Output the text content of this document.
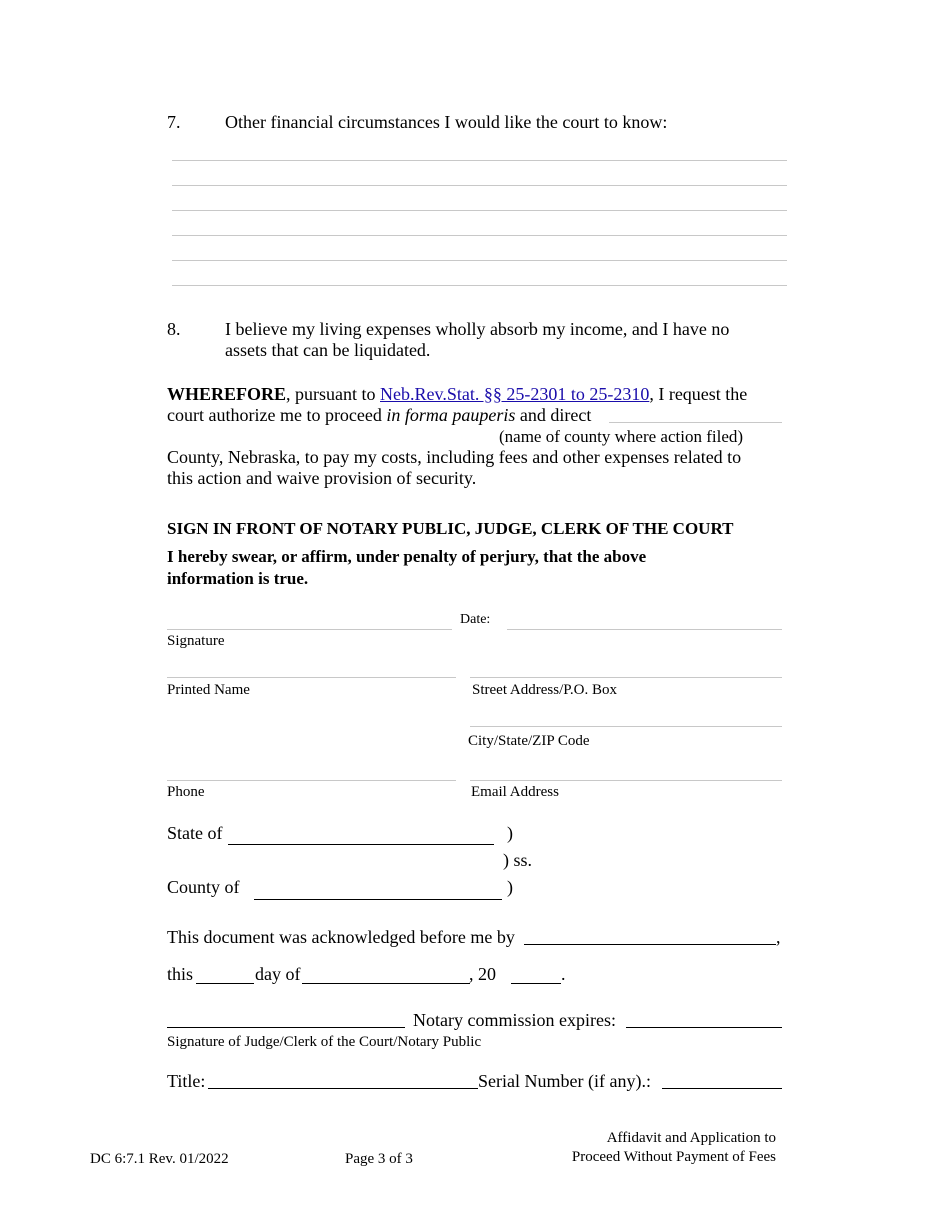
7. Other financial circumstances I would like the court to know:
8. I believe my living expenses wholly absorb my income, and I have no
assets that can be liquidated.
WHEREFORE, pursuant to Neb.Rev.Stat. §§ 25-2301 to 25-2310, I request the
court authorize me to proceed in forma pauperis and direct
(name of county where action filed)
County, Nebraska, to pay my costs, including fees and other expenses related to
this action and waive provision of security.
SIGN IN FRONT OF NOTARY PUBLIC, JUDGE, CLERK OF THE COURT
I hereby swear, or affirm, under penalty of perjury, that the above
information is true.
Date:
Signature
Printed Name	Street Address/P.O. Box
City/State/ZIP Code
Phone	Email Address
State of	)
) ss.
County of	)
This document was acknowledged before me by	,
this	day of	, 20	.
Notary commission expires:
Signature of Judge/Clerk of the Court/Notary Public
Title:	Serial Number (if any).:
DC 6:7.1 Rev. 01/2022	Page 3 of 3
Affidavit and Application to
Proceed Without Payment of Fees
